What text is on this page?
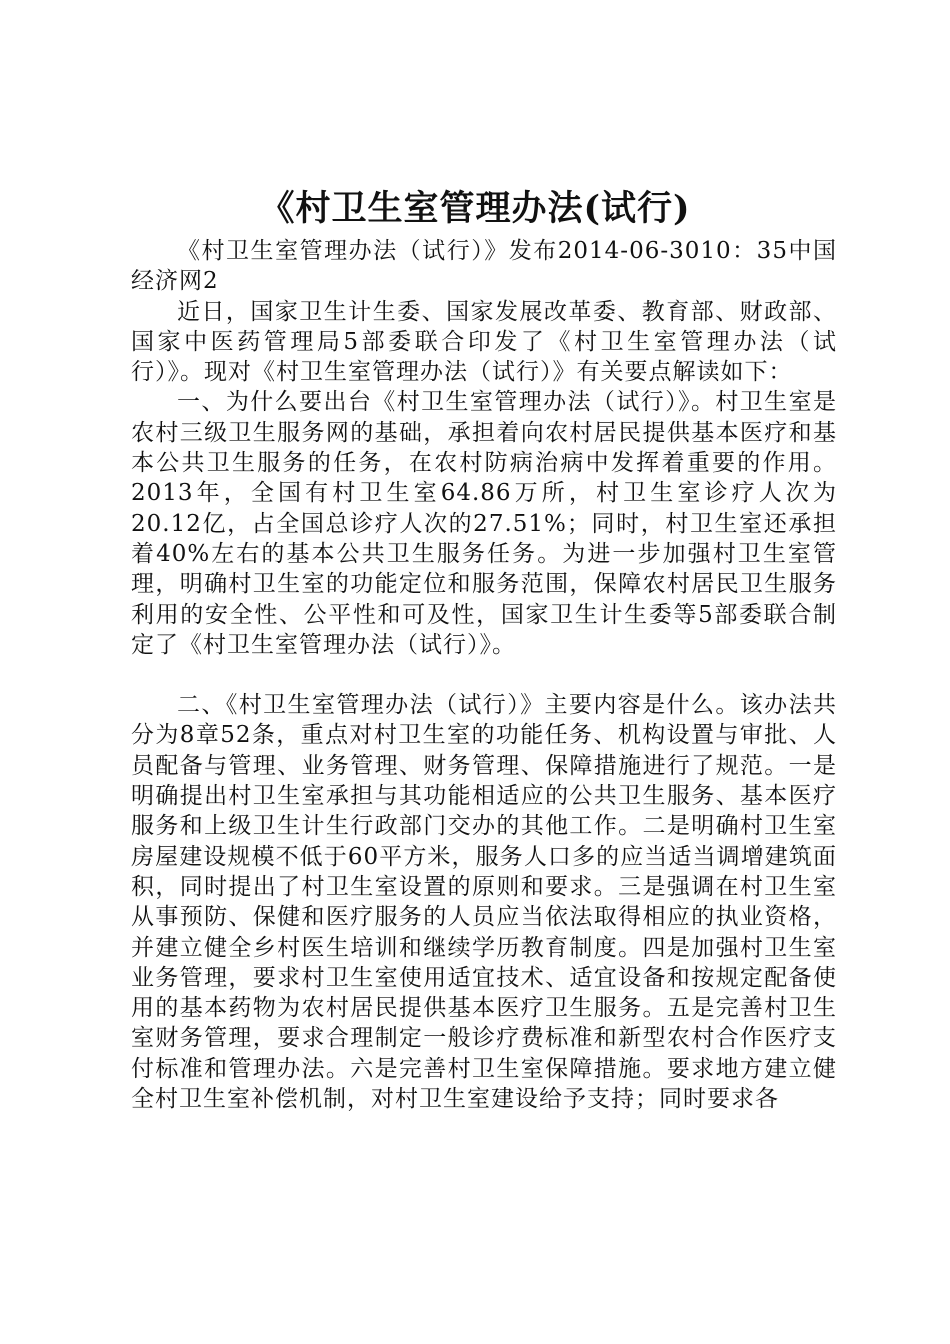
《村卫生室管理办法(试行)

《村卫生室管理办法（试行）》发布2014-06-3010：35中国经济网2

近日，国家卫生计生委、国家发展改革委、教育部、财政部、国家中医药管理局5部委联合印发了《村卫生室管理办法（试行）》。现对《村卫生室管理办法（试行）》有关要点解读如下：

一、为什么要出台《村卫生室管理办法（试行）》。村卫生室是农村三级卫生服务网的基础，承担着向农村居民提供基本医疗和基本公共卫生服务的任务，在农村防病治病中发挥着重要的作用。2013年，全国有村卫生室64.86万所，村卫生室诊疗人次为20.12亿，占全国总诊疗人次的27.51%；同时，村卫生室还承担着40%左右的基本公共卫生服务任务。为进一步加强村卫生室管理，明确村卫生室的功能定位和服务范围，保障农村居民卫生服务利用的安全性、公平性和可及性，国家卫生计生委等5部委联合制定了《村卫生室管理办法（试行）》。

二、《村卫生室管理办法（试行）》主要内容是什么。该办法共分为8章52条，重点对村卫生室的功能任务、机构设置与审批、人员配备与管理、业务管理、财务管理、保障措施进行了规范。一是明确提出村卫生室承担与其功能相适应的公共卫生服务、基本医疗服务和上级卫生计生行政部门交办的其他工作。二是明确村卫生室房屋建设规模不低于60平方米，服务人口多的应当适当调增建筑面积，同时提出了村卫生室设置的原则和要求。三是强调在村卫生室从事预防、保健和医疗服务的人员应当依法取得相应的执业资格，并建立健全乡村医生培训和继续学历教育制度。四是加强村卫生室业务管理，要求村卫生室使用适宜技术、适宜设备和按规定配备使用的基本药物为农村居民提供基本医疗卫生服务。五是完善村卫生室财务管理，要求合理制定一般诊疗费标准和新型农村合作医疗支付标准和管理办法。六是完善村卫生室保障措施。要求地方建立健全村卫生室补偿机制，对村卫生室建设给予支持；同时要求各
